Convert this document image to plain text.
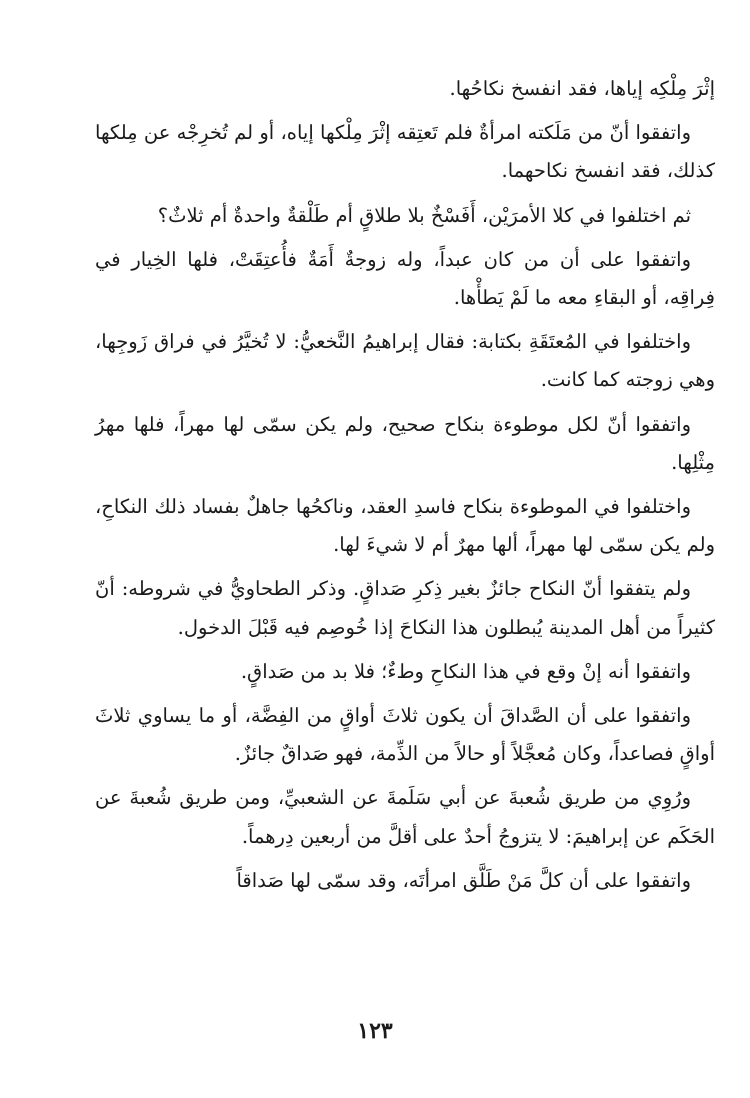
إثْرَ مِلْكِه إياها، فقد انفسخ نكاحُها.

واتفقوا أنّ من مَلَكته امرأةٌ فلم تَعتِقه إثْرَ مِلْكها إياه، أو لم تُخرِجْه عن مِلكها كذلك، فقد انفسخ نكاحهما.

ثم اختلفوا في كلا الأمرَيْن، أَفَسْخٌ بلا طلاقٍ أم طَلْقةٌ واحدةٌ أم ثلاثٌ؟

واتفقوا على أن من كان عبداً، وله زوجةٌ أَمَةٌ فأُعتِقَتْ، فلها الخِيار في فِراقِه، أو البقاءِ معه ما لَمْ يَطأْها.

واختلفوا في المُعتَقَةِ بكتابة: فقال إبراهيمُ النَّخعيُّ: لا تُخيَّرُ في فراق زَوجِها، وهي زوجته كما كانت.

واتفقوا أنّ لكل موطوءة بنكاح صحيح، ولم يكن سمّى لها مهراً، فلها مهرُ مِثْلِها.

واختلفوا في الموطوءة بنكاح فاسدِ العقد، وناكحُها جاهلٌ بفساد ذلك النكاحِ، ولم يكن سمّى لها مهراً، ألها مهرٌ أم لا شيءَ لها.

ولم يتفقوا أنّ النكاح جائزٌ بغير ذِكرِ صَداقٍ. وذكر الطحاويُّ في شروطه: أنّ كثيراً من أهل المدينة يُبطلون هذا النكاحَ إذا خُوصِم فيه قَبْلَ الدخول.

واتفقوا أنه إنْ وقع في هذا النكاحِ وطءٌ؛ فلا بد من صَداقٍ.

واتفقوا على أن الصَّداقَ أن يكون ثلاثَ أواقٍ من الفِضَّة، أو ما يساوي ثلاثَ أواقٍ فصاعداً، وكان مُعجَّلاً أو حالاً من الذِّمة، فهو صَداقٌ جائزٌ.

ورُوِي من طريق شُعبةَ عن أبي سَلَمةَ عن الشعبيِّ، ومن طريق شُعبةَ عن الحَكَم عن إبراهيمَ: لا يتزوجُ أحدٌ على أقلَّ من أربعين دِرهماً.

واتفقوا على أن كلَّ مَنْ طَلَّق امرأتَه، وقد سمّى لها صَداقاً

١٢٣
